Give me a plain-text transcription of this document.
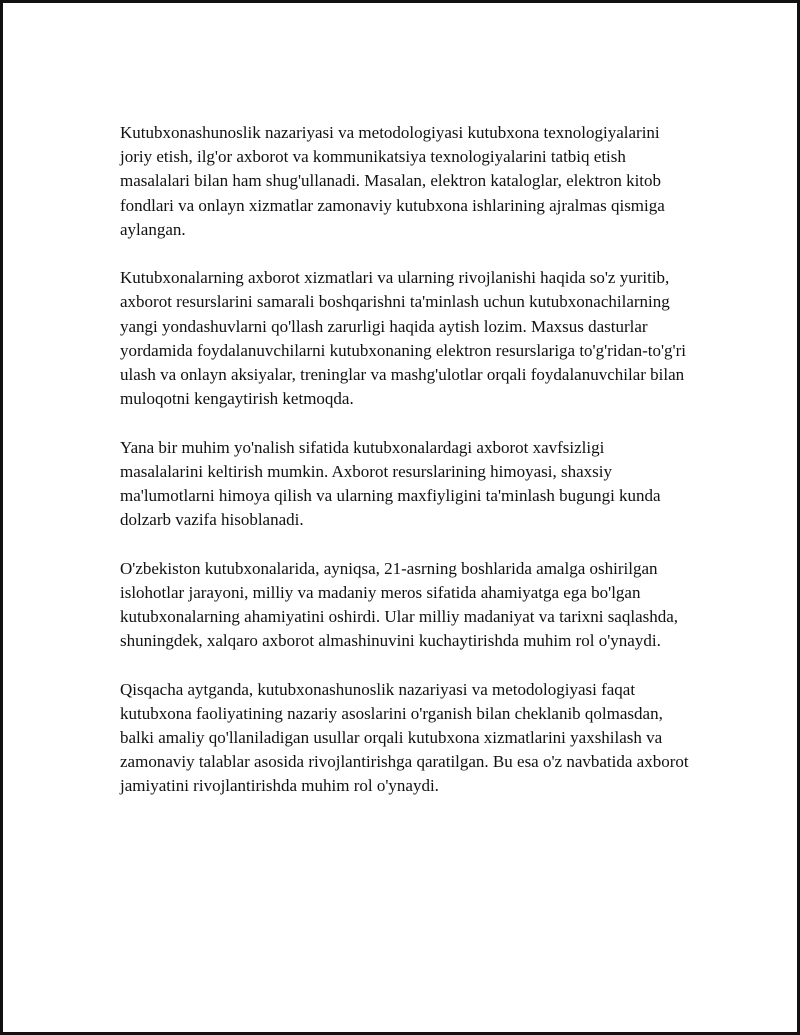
Kutubxonashunoslik nazariyasi va metodologiyasi kutubxona texnologiyalarini joriy etish, ilg'or axborot va kommunikatsiya texnologiyalarini tatbiq etish masalalari bilan ham shug'ullanadi. Masalan, elektron kataloglar, elektron kitob fondlari va onlayn xizmatlar zamonaviy kutubxona ishlarining ajralmas qismiga aylangan.

Kutubxonalarning axborot xizmatlari va ularning rivojlanishi haqida so'z yuritib, axborot resurslarini samarali boshqarishni ta'minlash uchun kutubxonachilarning yangi yondashuvlarni qo'llash zarurligi haqida aytish lozim. Maxsus dasturlar yordamida foydalanuvchilarni kutubxonaning elektron resurslariga to'g'ridan-to'g'ri ulash va onlayn aksiyalar, treninglar va mashg'ulotlar orqali foydalanuvchilar bilan muloqotni kengaytirish ketmoqda.

Yana bir muhim yo'nalish sifatida kutubxonalardagi axborot xavfsizligi masalalarini keltirish mumkin. Axborot resurslarining himoyasi, shaxsiy ma'lumotlarni himoya qilish va ularning maxfiyligini ta'minlash bugungi kunda dolzarb vazifa hisoblanadi.

O'zbekiston kutubxonalarida, ayniqsa, 21-asrning boshlarida amalga oshirilgan islohotlar jarayoni, milliy va madaniy meros sifatida ahamiyatga ega bo'lgan kutubxonalarning ahamiyatini oshirdi. Ular milliy madaniyat va tarixni saqlashda, shuningdek, xalqaro axborot almashinuvini kuchaytirishda muhim rol o'ynaydi.

Qisqacha aytganda, kutubxonashunoslik nazariyasi va metodologiyasi faqat kutubxona faoliyatining nazariy asoslarini o'rganish bilan cheklanib qolmasdan, balki amaliy qo'llaniladigan usullar orqali kutubxona xizmatlarini yaxshilash va zamonaviy talablar asosida rivojlantirishga qaratilgan. Bu esa o'z navbatida axborot jamiyatini rivojlantirishda muhim rol o'ynaydi.
